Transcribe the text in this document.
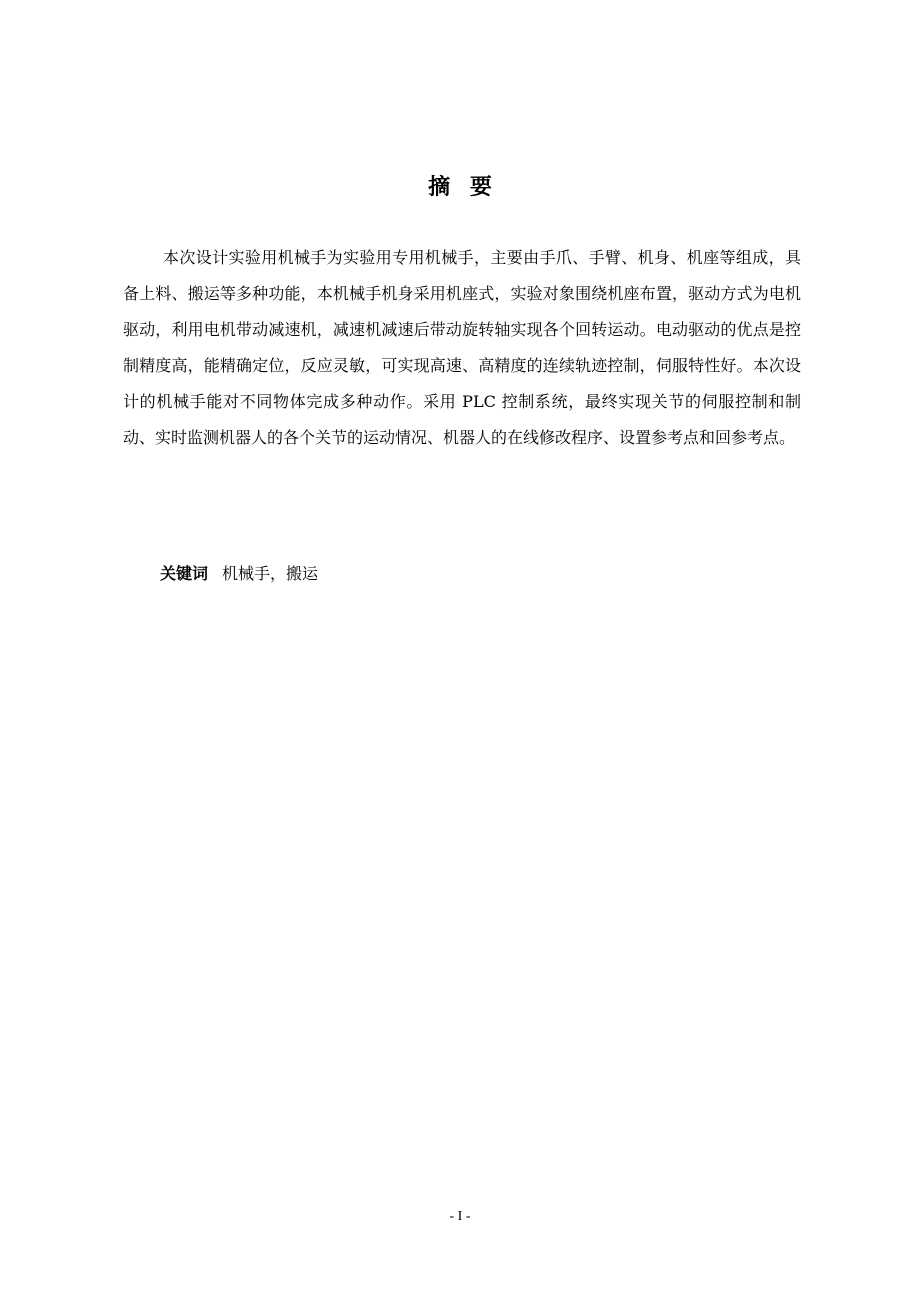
摘要

本次设计实验用机械手为实验用专用机械手，主要由手爪、手臂、机身、机座等组成，具备上料、搬运等多种功能，本机械手机身采用机座式，实验对象围绕机座布置，驱动方式为电机驱动，利用电机带动减速机，减速机减速后带动旋转轴实现各个回转运动。电动驱动的优点是控制精度高，能精确定位，反应灵敏，可实现高速、高精度的连续轨迹控制，伺服特性好。本次设计的机械手能对不同物体完成多种动作。采用 PLC 控制系统，最终实现关节的伺服控制和制动、实时监测机器人的各个关节的运动情况、机器人的在线修改程序、设置参考点和回参考点。

关键词 机械手，搬运

- I -
